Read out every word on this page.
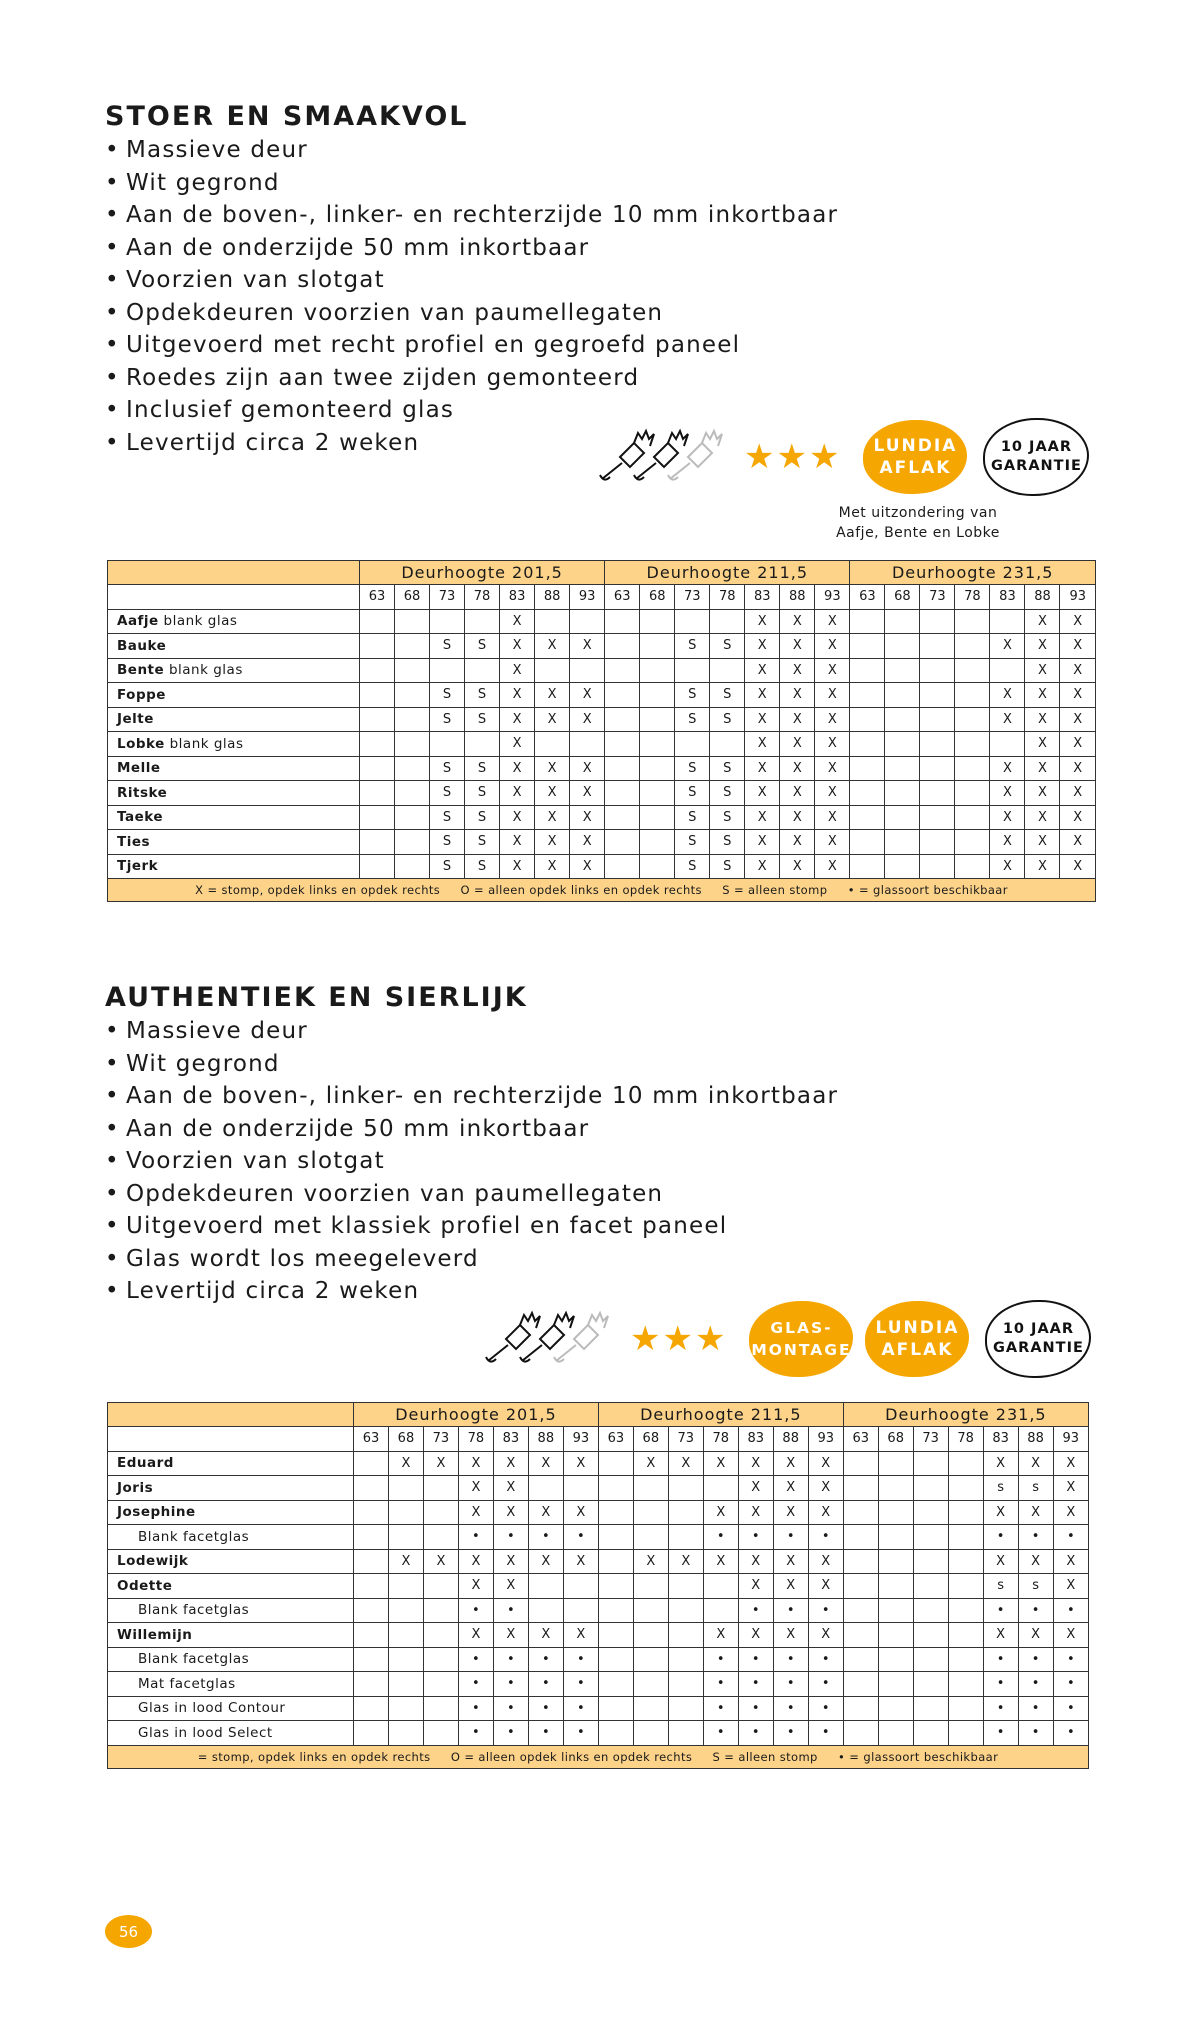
STOER EN SMAAKVOL
• Massieve deur
• Wit gegrond
• Aan de boven-, linker- en rechterzijde 10 mm inkortbaar
• Aan de onderzijde 50 mm inkortbaar
• Voorzien van slotgat
• Opdekdeuren voorzien van paumellegaten
• Uitgevoerd met recht profiel en gegroefd paneel
• Roedes zijn aan twee zijden gemonteerd
• Inclusief gemonteerd glas
• Levertijd circa 2 weken	★★★	LUNDIA AFLAK
10 JAAR
GARANTIE
Met uitzondering van
Aafje, Bente en Lobke
	Deurhoogte 201,5							Deurhoogte 211,5							Deurhoogte 231,5						
	63	68	73	78	83	88	93	63	68	73	78	83	88	93	63	68	73	78	83	88	93
Aafje blank glas					X							X	X	X						X	X
Bauke			S	S	X	X	X			S	S	X	X	X					X	X	X
Bente blank glas					X							X	X	X						X	X
Foppe			S	S	X	X	X			S	S	X	X	X					X	X	X
Jelte			S	S	X	X	X			S	S	X	X	X					X	X	X
Lobke blank glas					X							X	X	X						X	X
Melle			S	S	X	X	X			S	S	X	X	X					X	X	X
Ritske			S	S	X	X	X			S	S	X	X	X					X	X	X
Taeke			S	S	X	X	X			S	S	X	X	X					X	X	X
Ties			S	S	X	X	X			S	S	X	X	X					X	X	X
Tjerk			S	S	X	X	X			S	S	X	X	X					X	X	X
X = stomp, opdek links en opdek rechts     O = alleen opdek links en opdek rechts     S = alleen stomp     • = glassoort beschikbaar																					
AUTHENTIEK EN SIERLIJK
• Massieve deur
• Wit gegrond
• Aan de boven-, linker- en rechterzijde 10 mm inkortbaar
• Aan de onderzijde 50 mm inkortbaar
• Voorzien van slotgat
• Opdekdeuren voorzien van paumellegaten
• Uitgevoerd met klassiek profiel en facet paneel
• Glas wordt los meegeleverd
• Levertijd circa 2 weken
★★★	GLAS- MONTAGE
LUNDIA AFLAK
10 JAAR
GARANTIE
	Deurhoogte 201,5							Deurhoogte 211,5							Deurhoogte 231,5						
	63	68	73	78	83	88	93	63	68	73	78	83	88	93	63	68	73	78	83	88	93
Eduard		X	X	X	X	X	X		X	X	X	X	X	X					X	X	X
Joris				X	X							X	X	X					s	s	X
Josephine				X	X	X	X				X	X	X	X					X	X	X
Blank facetglas				•	•	•	•				•	•	•	•					•	•	•
Lodewijk		X	X	X	X	X	X		X	X	X	X	X	X					X	X	X
Odette				X	X							X	X	X					s	s	X
Blank facetglas				•	•							•	•	•					•	•	•
Willemijn				X	X	X	X				X	X	X	X					X	X	X
Blank facetglas				•	•	•	•				•	•	•	•					•	•	•
Mat facetglas				•	•	•	•				•	•	•	•					•	•	•
Glas in lood Contour				•	•	•	•				•	•	•	•					•	•	•
Glas in lood Select				•	•	•	•				•	•	•	•					•	•	•
= stomp, opdek links en opdek rechts     O = alleen opdek links en opdek rechts     S = alleen stomp     • = glassoort beschikbaar																					
56
